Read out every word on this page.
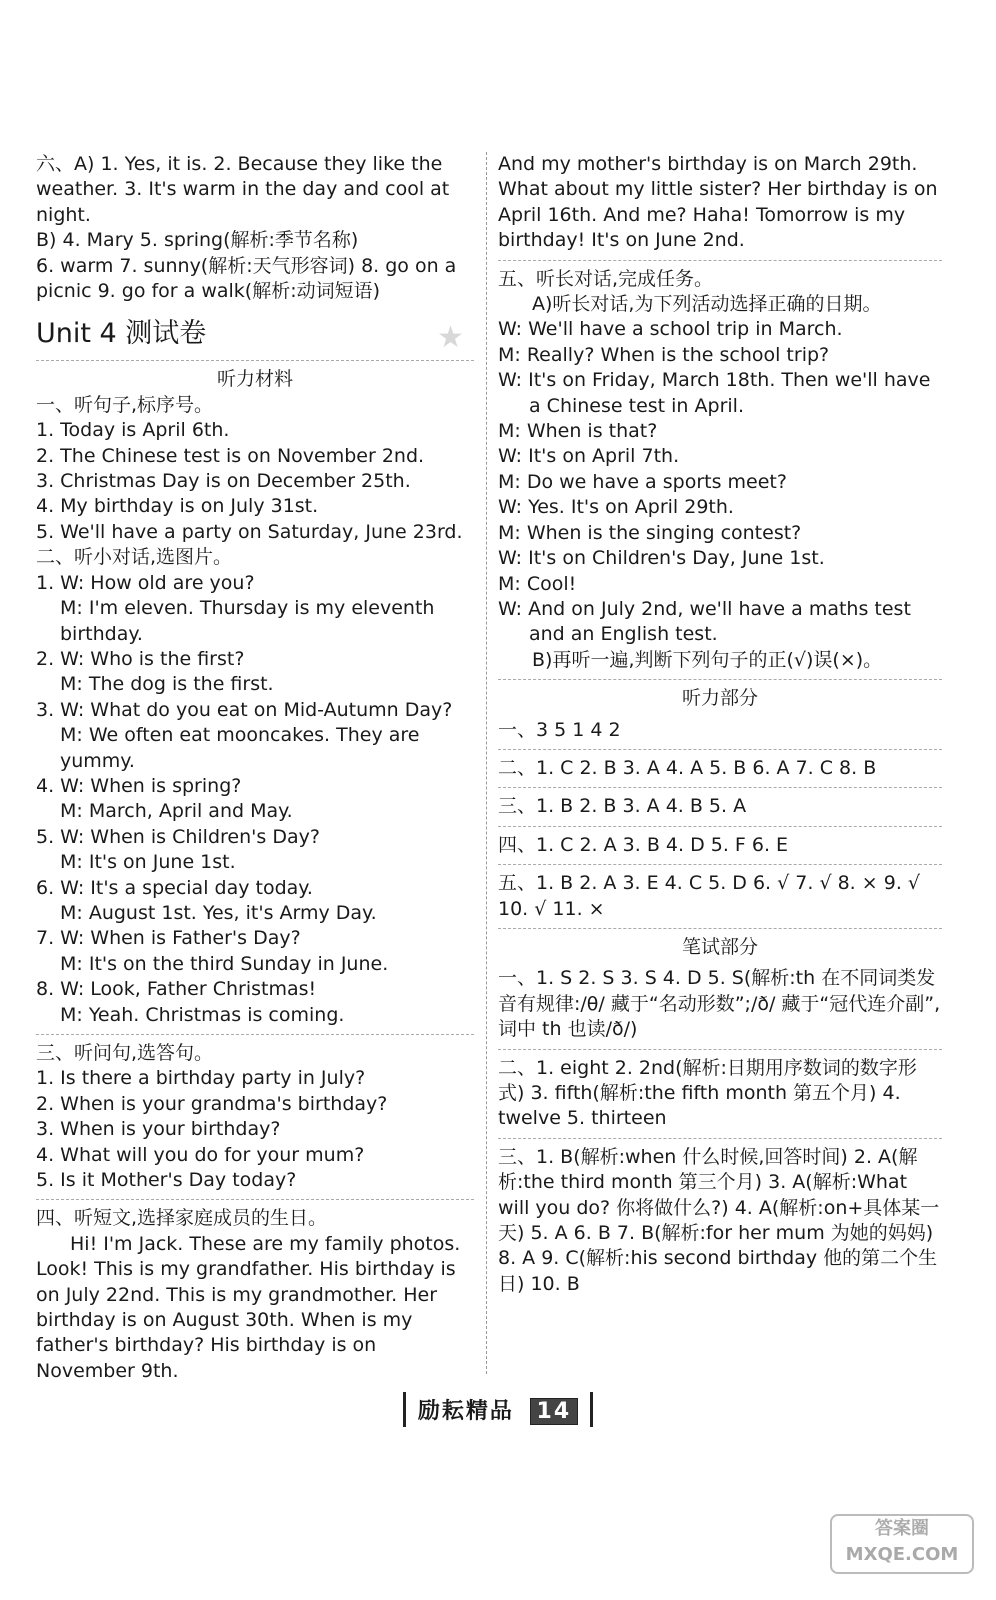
六、A) 1. Yes, it is. 2. Because they like the weather. 3. It's warm in the day and cool at night.

B) 4. Mary 5. spring(解析:季节名称)

6. warm 7. sunny(解析:天气形容词) 8. go on a picnic 9. go for a walk(解析:动词短语)

Unit 4 测试卷	★

听力材料

一、听句子,标序号。

1. Today is April 6th.

2. The Chinese test is on November 2nd.

3. Christmas Day is on December 25th.

4. My birthday is on July 31st.

5. We'll have a party on Saturday, June 23rd.

二、听小对话,选图片。

1. W: How old are you?

M: I'm eleven. Thursday is my eleventh birthday.

2. W: Who is the first?

M: The dog is the first.

3. W: What do you eat on Mid-Autumn Day?

M: We often eat mooncakes. They are yummy.

4. W: When is spring?

M: March, April and May.

5. W: When is Children's Day?

M: It's on June 1st.

6. W: It's a special day today.

M: August 1st. Yes, it's Army Day.

7. W: When is Father's Day?

M: It's on the third Sunday in June.

8. W: Look, Father Christmas!

M: Yeah. Christmas is coming.

三、听问句,选答句。

1. Is there a birthday party in July?

2. When is your grandma's birthday?

3. When is your birthday?

4. What will you do for your mum?

5. Is it Mother's Day today?

四、听短文,选择家庭成员的生日。

Hi! I'm Jack. These are my family photos. Look! This is my grandfather. His birthday is on July 22nd. This is my grandmother. Her birthday is on August 30th. When is my father's birthday? His birthday is on November 9th.

And my mother's birthday is on March 29th. What about my little sister? Her birthday is on April 16th. And me? Haha! Tomorrow is my birthday! It's on June 2nd.

五、听长对话,完成任务。

A)听长对话,为下列活动选择正确的日期。

W: We'll have a school trip in March.

M: Really? When is the school trip?

W: It's on Friday, March 18th. Then we'll have a Chinese test in April.

M: When is that?

W: It's on April 7th.

M: Do we have a sports meet?

W: Yes. It's on April 29th.

M: When is the singing contest?

W: It's on Children's Day, June 1st.

M: Cool!

W: And on July 2nd, we'll have a maths test and an English test.

B)再听一遍,判断下列句子的正(√)误(×)。

听力部分

一、3 5 1 4 2

二、1. C 2. B 3. A 4. A 5. B 6. A 7. C 8. B

三、1. B 2. B 3. A 4. B 5. A

四、1. C 2. A 3. B 4. D 5. F 6. E

五、1. B 2. A 3. E 4. C 5. D 6. √ 7. √ 8. × 9. √ 10. √ 11. ×

笔试部分

一、1. S 2. S 3. S 4. D 5. S(解析:th 在不同词类发音有规律:/θ/ 藏于“名动形数”;/ð/ 藏于“冠代连介副”,词中 th 也读/ð/)

二、1. eight 2. 2nd(解析:日期用序数词的数字形式) 3. fifth(解析:the fifth month 第五个月) 4. twelve 5. thirteen

三、1. B(解析:when 什么时候,回答时间) 2. A(解析:the third month 第三个月) 3. A(解析:What will you do? 你将做什么?) 4. A(解析:on+具体某一天) 5. A 6. B 7. B(解析:for her mum 为她的妈妈) 8. A 9. C(解析:his second birthday 他的第二个生日) 10. B

励耘精品 14
答案圈 MXQE.COM
